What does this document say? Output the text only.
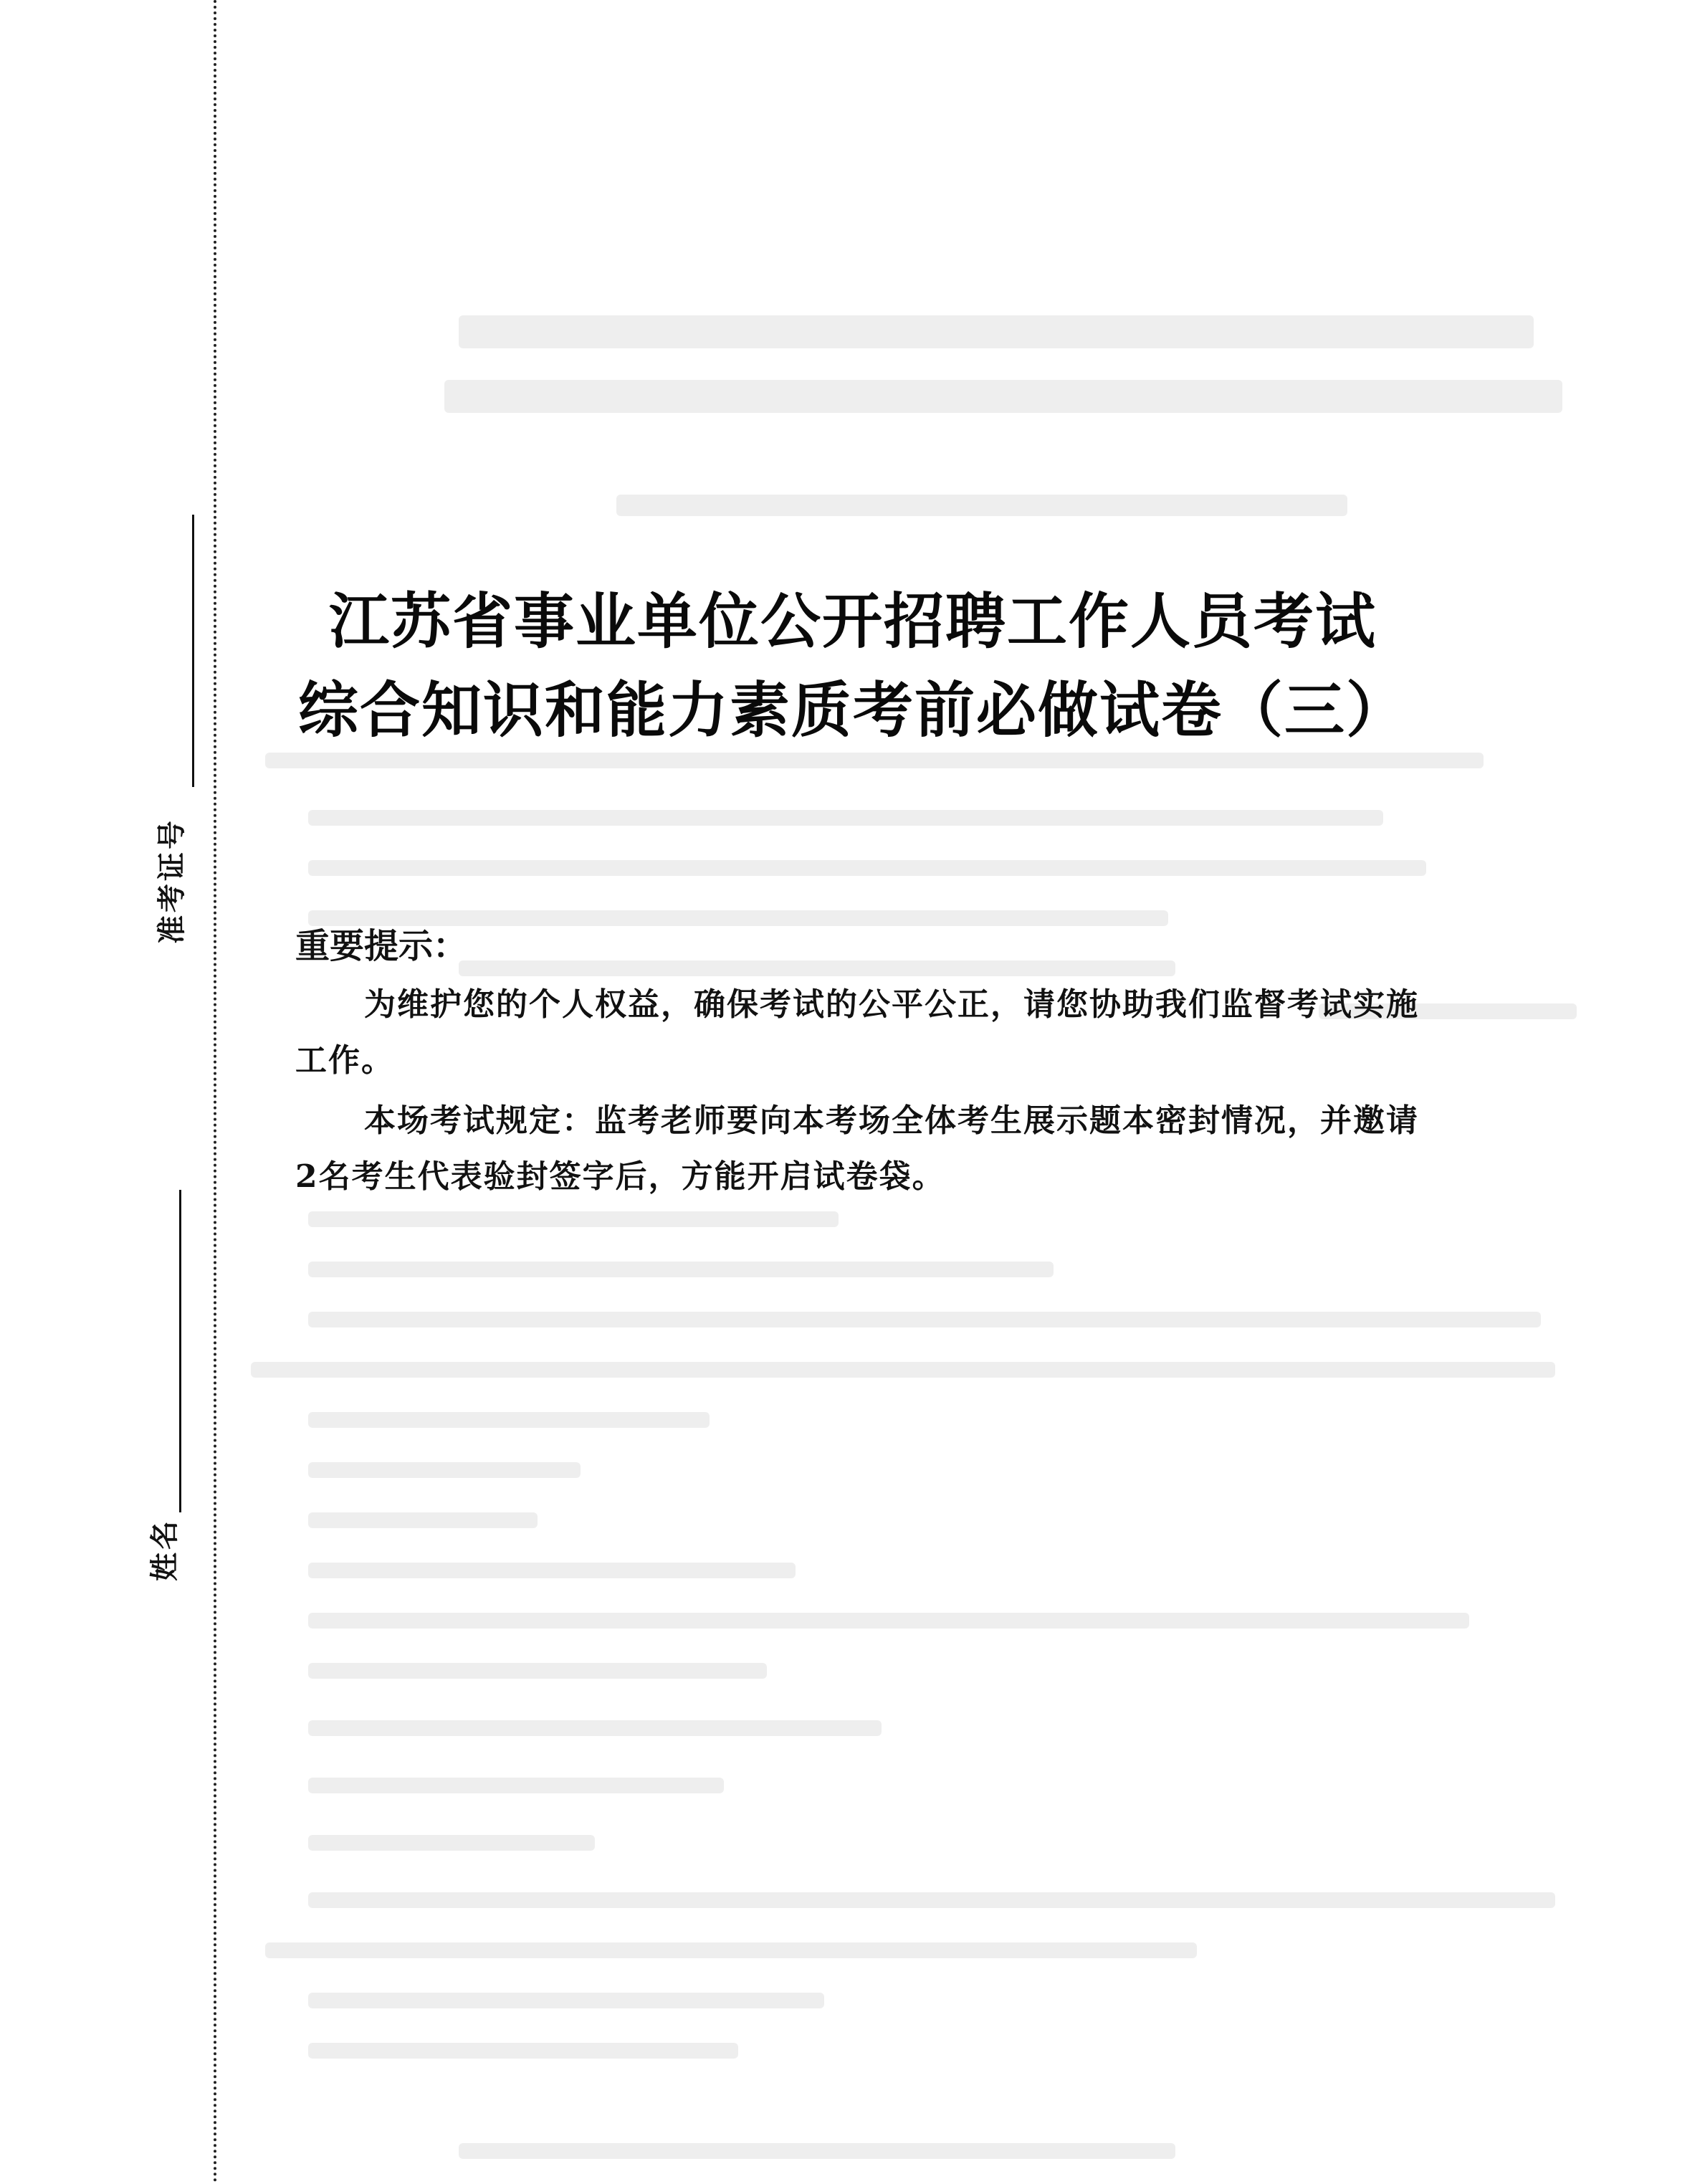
准考证号
姓名
江苏省事业单位公开招聘工作人员考试
综合知识和能力素质考前必做试卷（三）
重要提示：

为维护您的个人权益，确保考试的公平公正，请您协助我们监督考试实施工作。

本场考试规定：监考老师要向本考场全体考生展示题本密封情况，并邀请2名考生代表验封签字后，方能开启试卷袋。
